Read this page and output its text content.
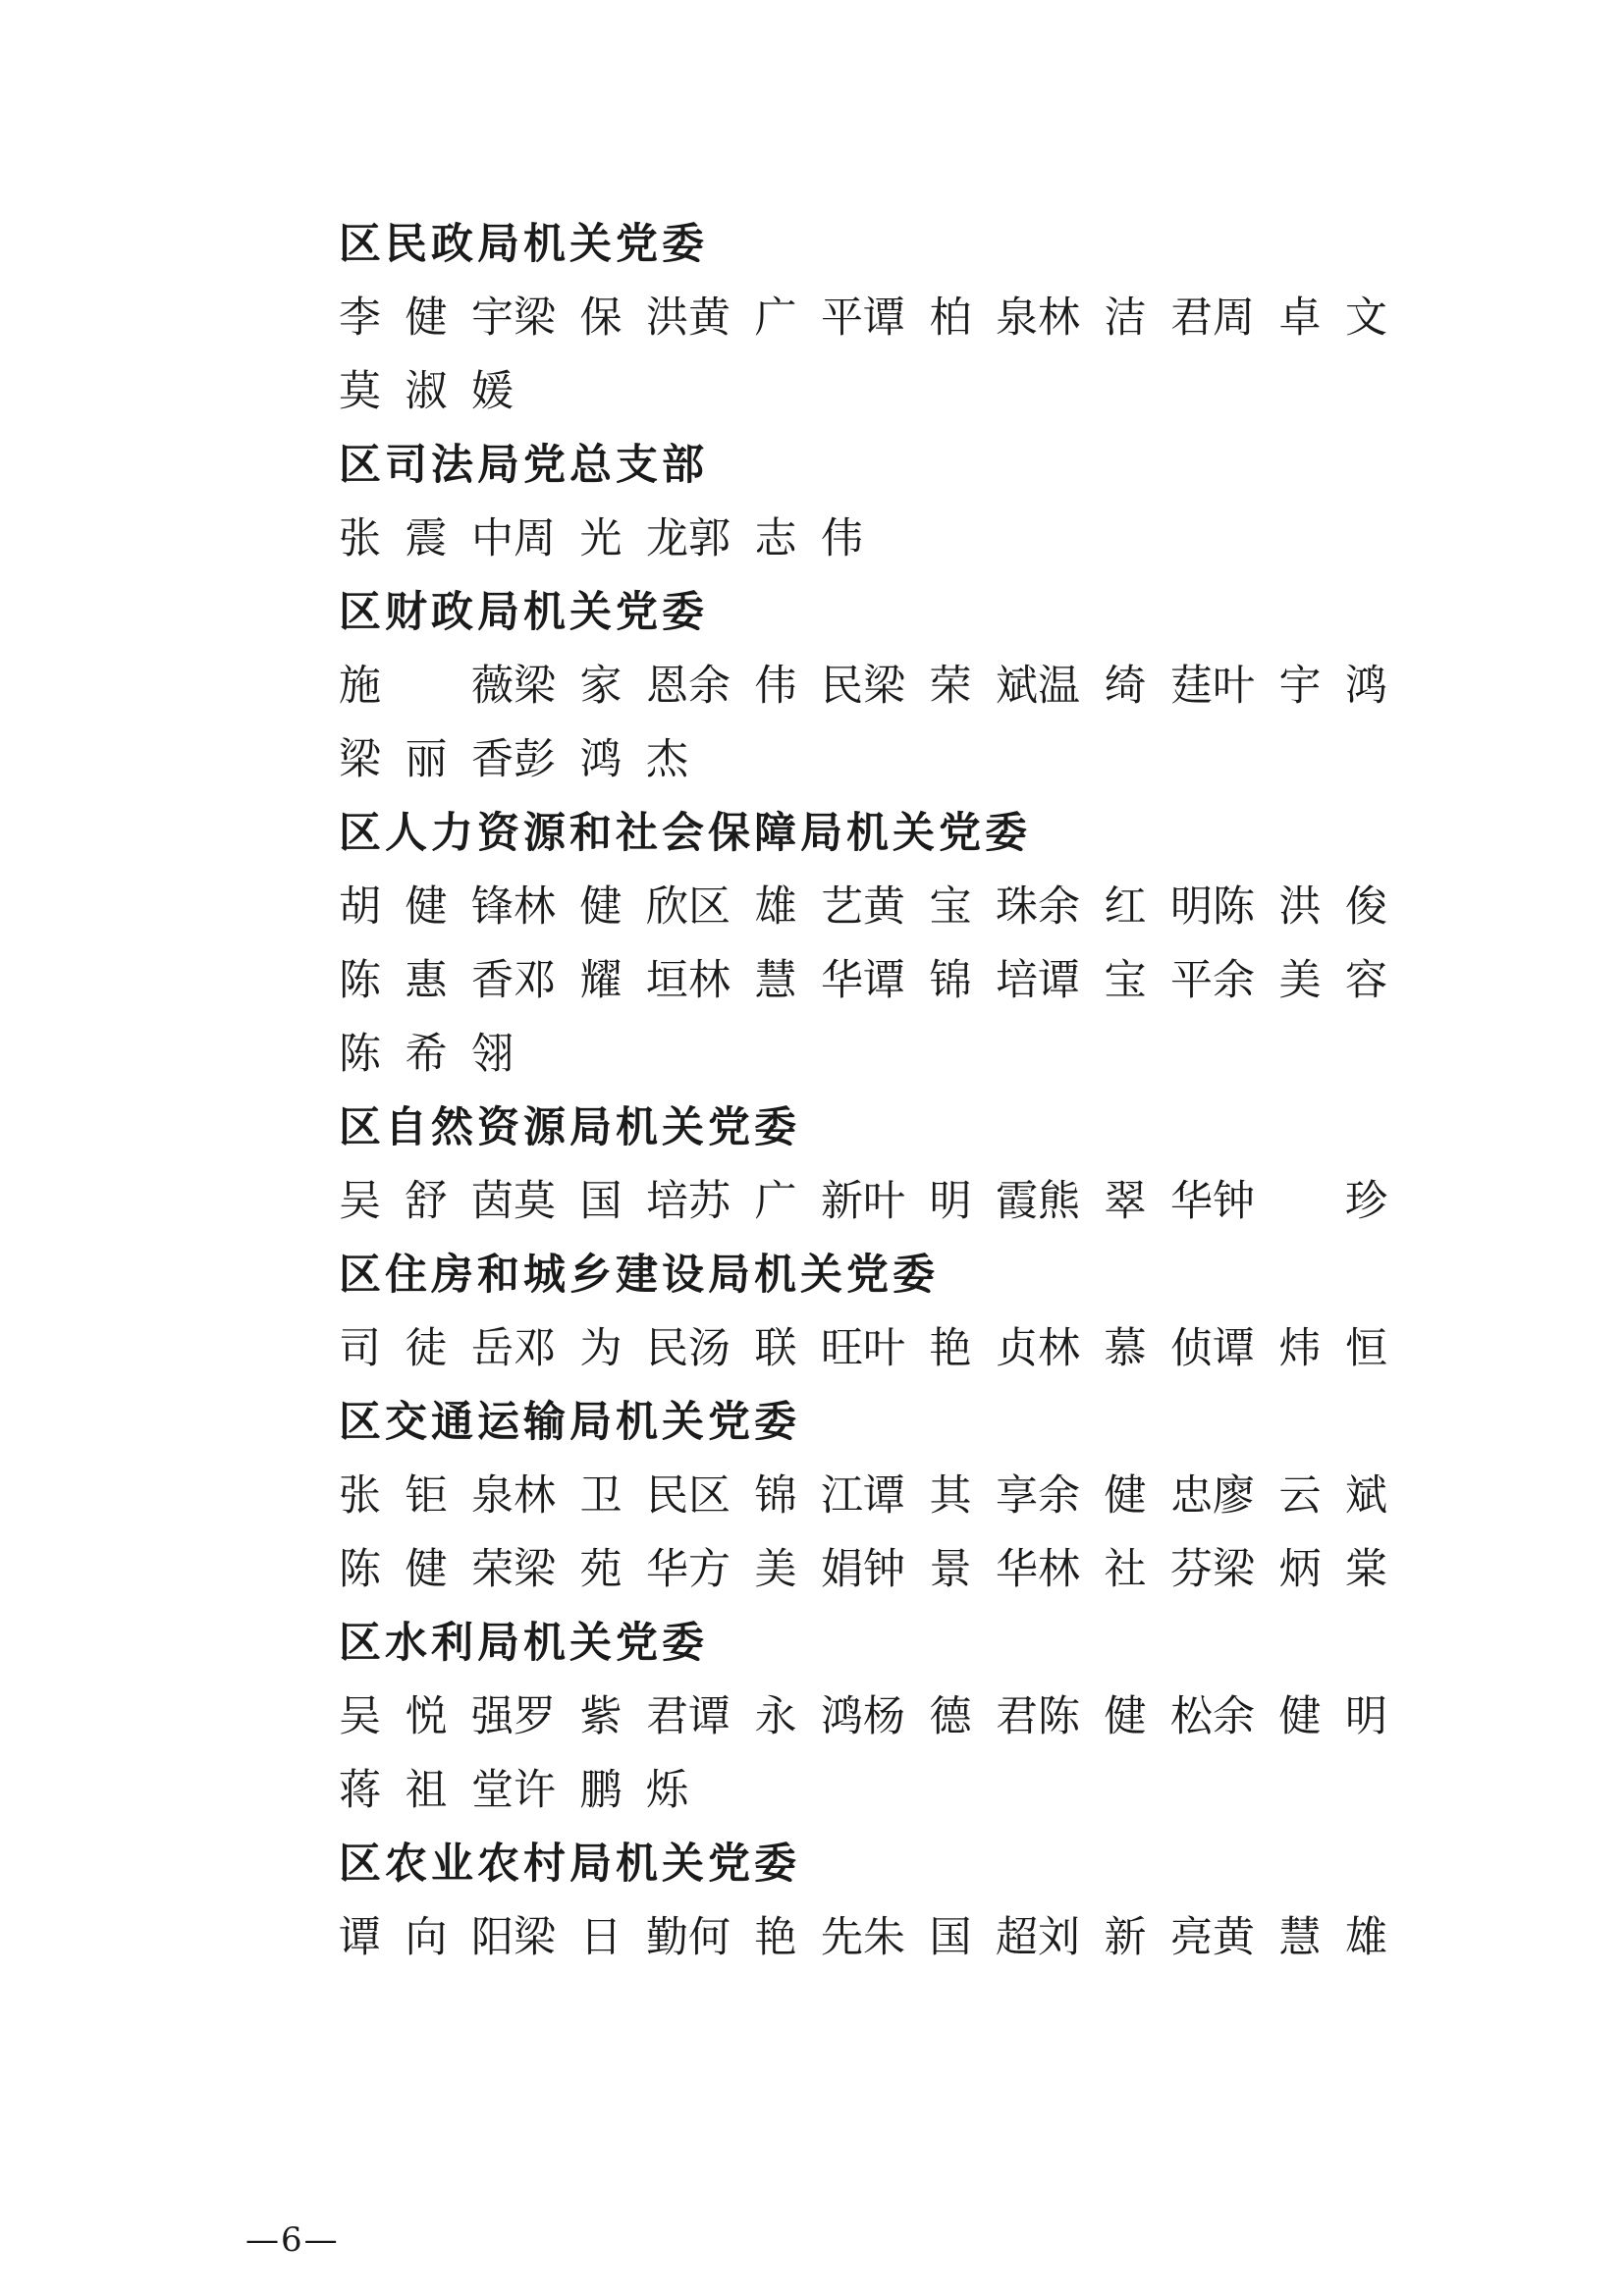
区民政局机关党委
李 健 宇 梁 保 洪 黄 广 平 谭 柏 泉 林 洁 君 周 卓 文
莫 淑 媛
区司法局党总支部
张 震 中 周 光 龙 郭 志 伟
区财政局机关党委
施
　 薇 梁 家 恩 余 伟 民 梁 荣 斌 温 绮 莛 叶 宇 鸿
梁 丽 香 彭 鸿 杰
区人力资源和社会保障局机关党委
胡 健 锋 林 健 欣 区 雄 艺 黄 宝 珠 余 红 明 陈 洪 俊
陈 惠 香 邓 耀 垣 林 慧 华 谭 锦 培 谭 宝 平 余 美 容
陈 希 翎
区自然资源局机关党委
吴 舒 茵 莫 国 培 苏 广 新 叶 明 霞 熊 翠 华 钟
　 珍
区住房和城乡建设局机关党委
司 徒 岳 邓 为 民 汤 联 旺 叶 艳 贞 林 慕 侦 谭 炜 恒
区交通运输局机关党委
张 钜 泉 林 卫 民 区 锦 江 谭 其 享 余 健 忠 廖 云 斌
陈 健 荣 梁 苑 华 方 美 娟 钟 景 华 林 社 芬 梁 炳 棠
区水利局机关党委
吴 悦 强 罗 紫 君 谭 永 鸿 杨 德 君 陈 健 松 余 健 明
蒋 祖 堂 许 鹏 烁
区农业农村局机关党委
谭 向 阳 梁 日 勤 何 艳 先 朱 国 超 刘 新 亮 黄 慧 雄
—6—
